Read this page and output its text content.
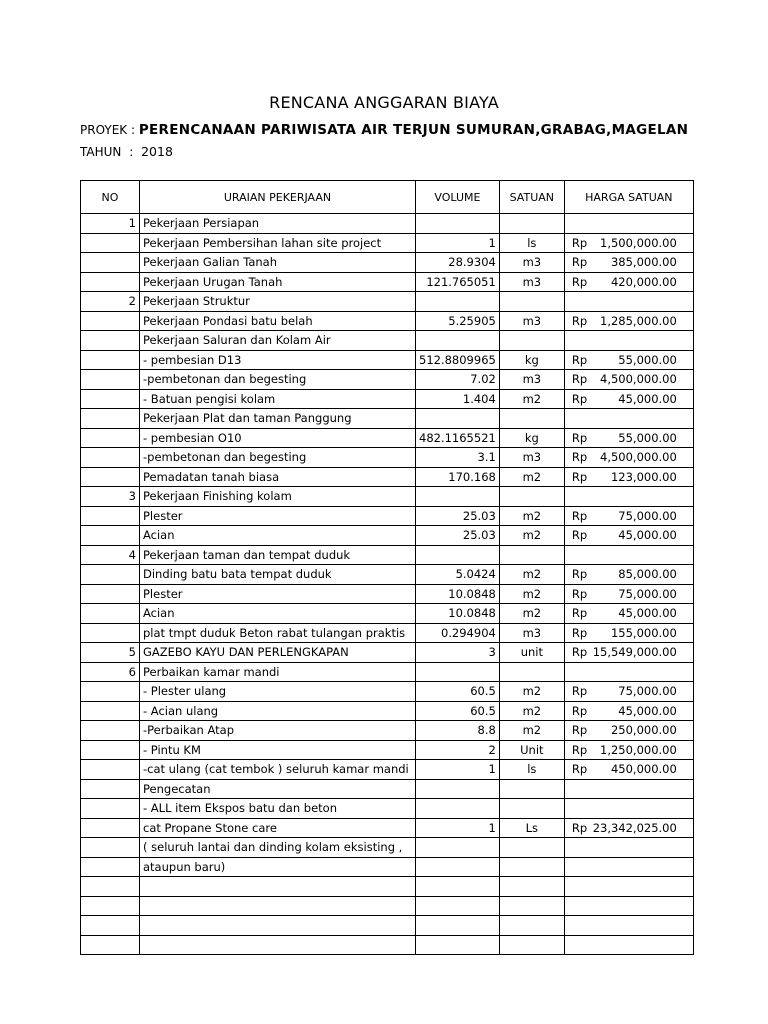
RENCANA ANGGARAN BIAYA
PROYEK : PERENCANAAN PARIWISATA AIR TERJUN SUMURAN,GRABAG,MAGELAN
TAHUN : 2018
NO	URAIAN PEKERJAAN	VOLUME	SATUAN	HARGA SATUAN
1	Pekerjaan Persiapan			

	Pekerjaan Pembersihan lahan site project	1	ls	Rp 1,500,000.00

	Pekerjaan Galian Tanah	28.9304	m3	Rp 385,000.00

	Pekerjaan Urugan Tanah	121.765051	m3	Rp 420,000.00

2	Pekerjaan Struktur			

	Pekerjaan Pondasi batu belah	5.25905	m3	Rp 1,285,000.00

	Pekerjaan Saluran dan Kolam Air			

	- pembesian D13	512.8809965	kg	Rp 55,000.00

	-pembetonan dan begesting	7.02	m3	Rp 4,500,000.00

	- Batuan pengisi kolam	1.404	m2	Rp 45,000.00

	Pekerjaan Plat dan taman Panggung			

	- pembesian O10	482.1165521	kg	Rp 55,000.00

	-pembetonan dan begesting	3.1	m3	Rp 4,500,000.00

	Pemadatan tanah biasa	170.168	m2	Rp 123,000.00

3	Pekerjaan Finishing kolam			

	Plester	25.03	m2	Rp 75,000.00

	Acian	25.03	m2	Rp 45,000.00

4	Pekerjaan taman dan tempat duduk			

	Dinding batu bata tempat duduk	5.0424	m2	Rp 85,000.00

	Plester	10.0848	m2	Rp 75,000.00

	Acian	10.0848	m2	Rp 45,000.00

	plat tmpt duduk Beton rabat tulangan praktis	0.294904	m3	Rp 155,000.00

5	GAZEBO KAYU DAN PERLENGKAPAN	3	unit	Rp 15,549,000.00

6	Perbaikan kamar mandi			

	- Plester ulang	60.5	m2	Rp 75,000.00

	- Acian ulang	60.5	m2	Rp 45,000.00

	-Perbaikan Atap	8.8	m2	Rp 250,000.00

	- Pintu KM	2	Unit	Rp 1,250,000.00

	-cat ulang (cat tembok ) seluruh kamar mandi	1	ls	Rp 450,000.00

	Pengecatan			

	- ALL item Ekspos batu dan beton			

	cat Propane Stone care	1	Ls	Rp 23,342,025.00

	( seluruh lantai dan dinding kolam eksisting ,			

	ataupun baru)			
